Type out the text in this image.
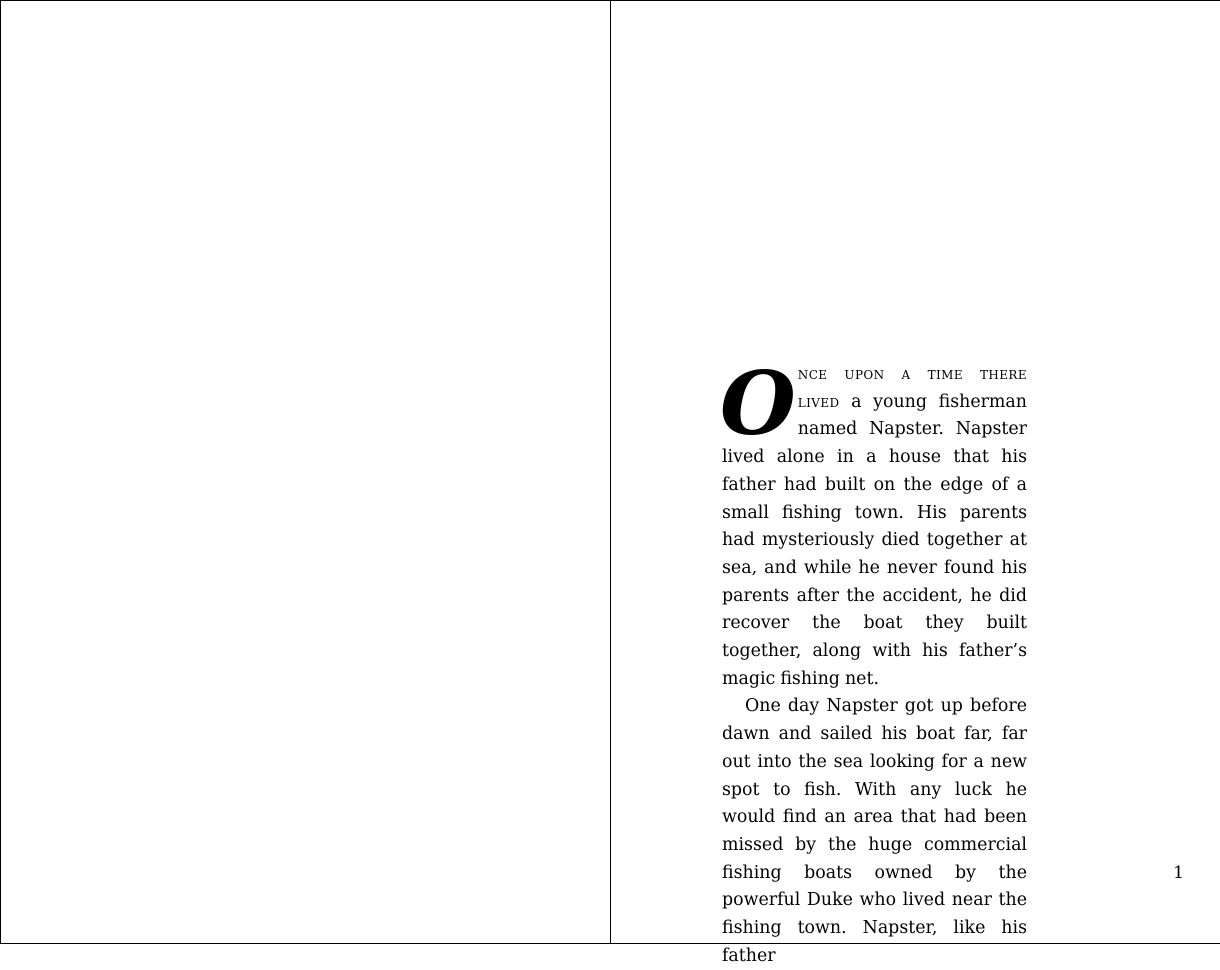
Once upon a time there lived a young fisherman named Napster. Napster lived alone in a house that his father had built on the edge of a small fishing town. His parents had mysteriously died together at sea, and while he never found his parents after the accident, he did recover the boat they built together, along with his father’s magic fishing net.

One day Napster got up before dawn and sailed his boat far, far out into the sea looking for a new spot to fish. With any luck he would find an area that had been missed by the huge commercial fishing boats owned by the powerful Duke who lived near the fishing town. Napster, like his father

1
